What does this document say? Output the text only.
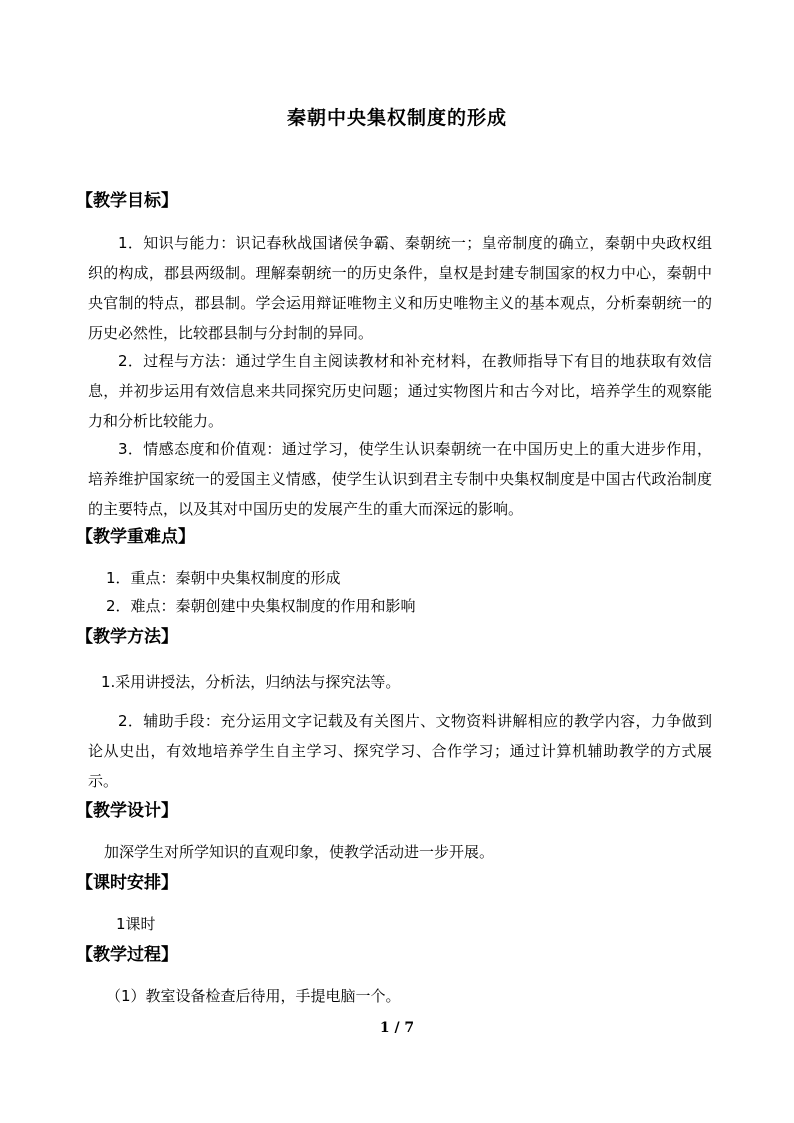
秦朝中央集权制度的形成
【教学目标】
1．知识与能力：识记春秋战国诸侯争霸、秦朝统一；皇帝制度的确立，秦朝中央政权组织的构成，郡县两级制。理解秦朝统一的历史条件，皇权是封建专制国家的权力中心，秦朝中央官制的特点，郡县制。学会运用辩证唯物主义和历史唯物主义的基本观点，分析秦朝统一的历史必然性，比较郡县制与分封制的异同。
2．过程与方法：通过学生自主阅读教材和补充材料，在教师指导下有目的地获取有效信息，并初步运用有效信息来共同探究历史问题；通过实物图片和古今对比，培养学生的观察能力和分析比较能力。
3．情感态度和价值观：通过学习，使学生认识秦朝统一在中国历史上的重大进步作用，培养维护国家统一的爱国主义情感，使学生认识到君主专制中央集权制度是中国古代政治制度的主要特点，以及其对中国历史的发展产生的重大而深远的影响。
【教学重难点】
1．重点：秦朝中央集权制度的形成
2．难点：秦朝创建中央集权制度的作用和影响
【教学方法】
1.采用讲授法，分析法，归纳法与探究法等。
2．辅助手段：充分运用文字记载及有关图片、文物资料讲解相应的教学内容，力争做到论从史出，有效地培养学生自主学习、探究学习、合作学习；通过计算机辅助教学的方式展示。
【教学设计】
加深学生对所学知识的直观印象，使教学活动进一步开展。
【课时安排】
1课时
【教学过程】
（1）教室设备检查后待用，手提电脑一个。
1 / 7
